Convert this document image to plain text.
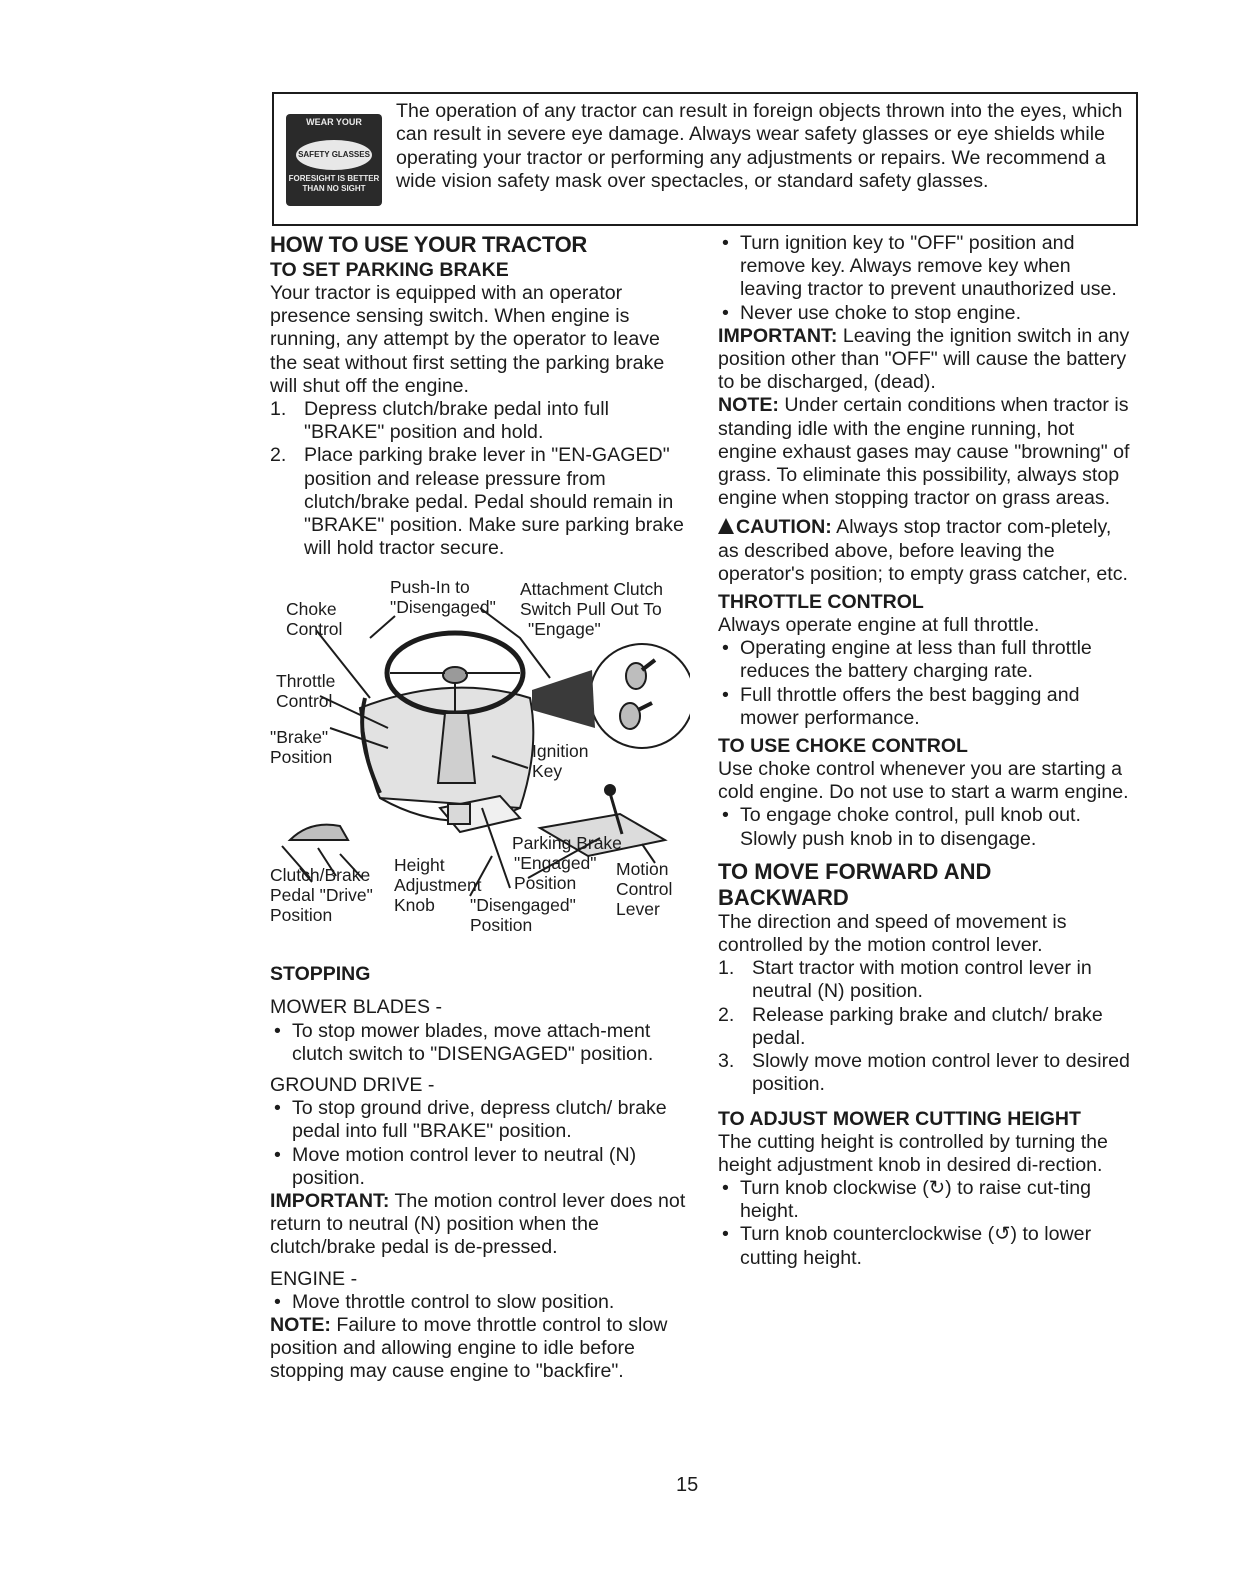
WEAR YOUR
SAFETY GLASSES
FORESIGHT IS BETTER THAN NO SIGHT

The operation of any tractor can result in foreign objects thrown into the eyes, which can result in severe eye damage. Always wear safety glasses or eye shields while operating your tractor or performing any adjustments or repairs. We recommend a wide vision safety mask over spectacles, or standard safety glasses.

HOW TO USE YOUR TRACTOR
TO SET PARKING BRAKE

Your tractor is equipped with an operator presence sensing switch. When engine is running, any attempt by the operator to leave the seat without first setting the parking brake will shut off the engine.

1. Depress clutch/brake pedal into full "BRAKE" position and hold.
2. Place parking brake lever in "EN-GAGED" position and release pressure from clutch/brake pedal. Pedal should remain in "BRAKE" position. Make sure parking brake will hold tractor secure.
Push-In to
"Disengaged"
Attachment Clutch
Switch Pull Out To
"Engage"
Choke
Control
Throttle
Control
"Brake"
Position	Ignition
Key
Parking Brake
"Engaged"
Position
"Disengaged"
Position
Motion
Control
Lever
Clutch/Brake
Pedal "Drive"
Position
Height
Adjustment
Knob
STOPPING

MOWER BLADES -

• To stop mower blades, move attach-ment clutch switch to "DISENGAGED" position.

GROUND DRIVE -

• To stop ground drive, depress clutch/ brake pedal into full "BRAKE" position.
• Move motion control lever to neutral (N) position.

IMPORTANT: The motion control lever does not return to neutral (N) position when the clutch/brake pedal is de-pressed.

ENGINE -

• Move throttle control to slow position.

NOTE: Failure to move throttle control to slow position and allowing engine to idle before stopping may cause engine to "backfire".

• Turn ignition key to "OFF" position and remove key. Always remove key when leaving tractor to prevent unauthorized use.
• Never use choke to stop engine.

IMPORTANT: Leaving the ignition switch in any position other than "OFF" will cause the battery to be discharged, (dead).

NOTE: Under certain conditions when tractor is standing idle with the engine running, hot engine exhaust gases may cause "browning" of grass. To eliminate this possibility, always stop engine when stopping tractor on grass areas.

CAUTION: Always stop tractor com-pletely, as described above, before leaving the operator's position; to empty grass catcher, etc.

THROTTLE CONTROL

Always operate engine at full throttle.

• Operating engine at less than full throttle reduces the battery charging rate.
• Full throttle offers the best bagging and mower performance.
TO USE CHOKE CONTROL

Use choke control whenever you are starting a cold engine. Do not use to start a warm engine.

• To engage choke control, pull knob out. Slowly push knob in to disengage.
TO MOVE FORWARD AND
BACKWARD

The direction and speed of movement is controlled by the motion control lever.

1. Start tractor with motion control lever in neutral (N) position.
2. Release parking brake and clutch/ brake pedal.
3. Slowly move motion control lever to desired position.
TO ADJUST MOWER CUTTING HEIGHT

The cutting height is controlled by turning the height adjustment knob in desired di-rection.

• Turn knob clockwise (↻) to raise cut-ting height.
• Turn knob counterclockwise (↺) to lower cutting height.
15
